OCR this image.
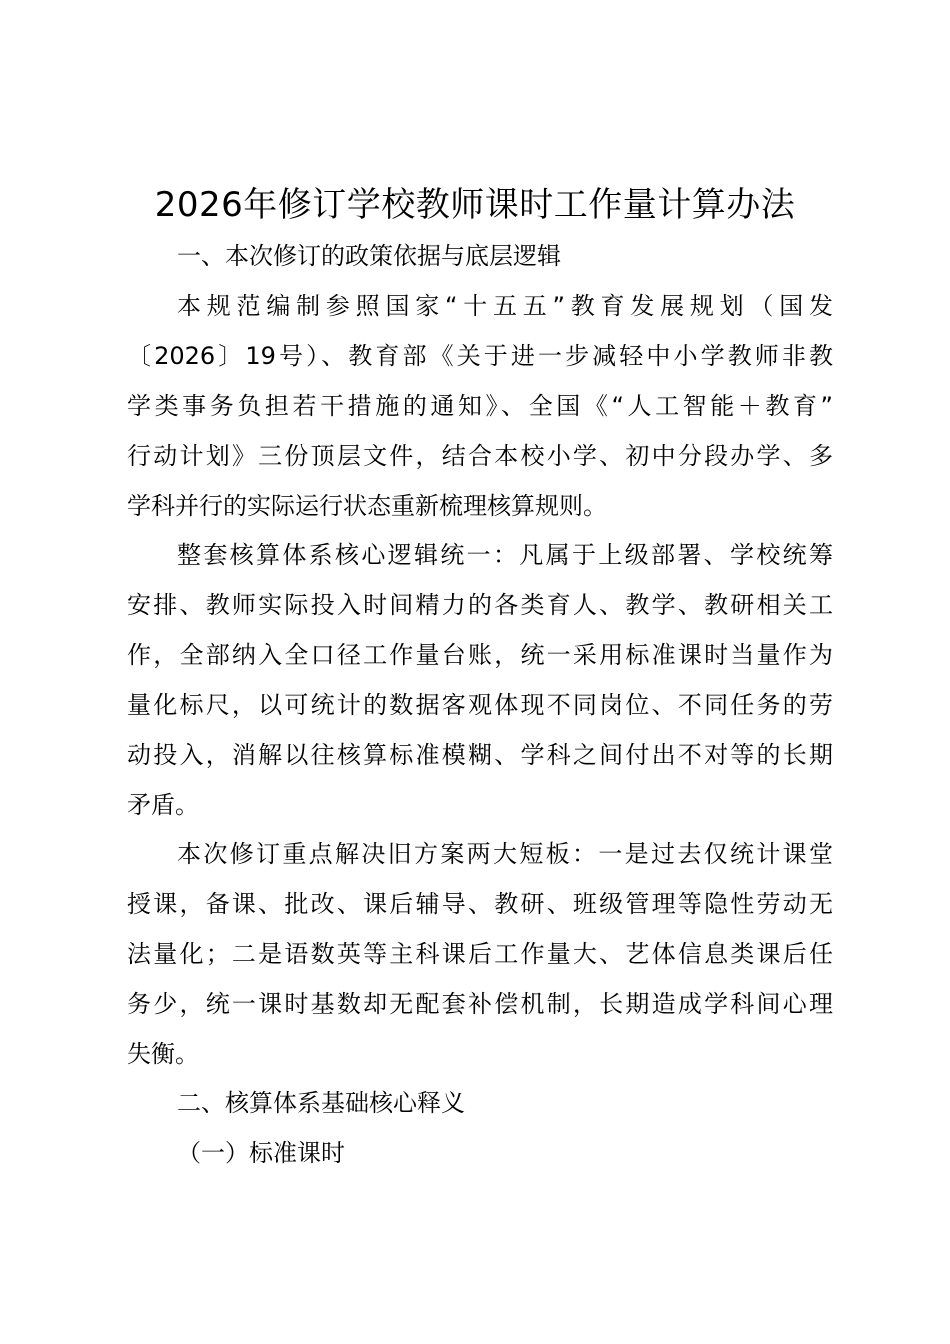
2026年修订学校教师课时工作量计算办法
一、本次修订的政策依据与底层逻辑
本规范编制参照国家“十五五”教育发展规划（国发
〔2026〕19号）、教育部《关于进一步减轻中小学教师非教
学类事务负担若干措施的通知》、全国《“人工智能＋教育”
行动计划》三份顶层文件，结合本校小学、初中分段办学、多
学科并行的实际运行状态重新梳理核算规则。
整套核算体系核心逻辑统一：凡属于上级部署、学校统筹
安排、教师实际投入时间精力的各类育人、教学、教研相关工
作，全部纳入全口径工作量台账，统一采用标准课时当量作为
量化标尺，以可统计的数据客观体现不同岗位、不同任务的劳
动投入，消解以往核算标准模糊、学科之间付出不对等的长期
矛盾。
本次修订重点解决旧方案两大短板：一是过去仅统计课堂
授课，备课、批改、课后辅导、教研、班级管理等隐性劳动无
法量化；二是语数英等主科课后工作量大、艺体信息类课后任
务少，统一课时基数却无配套补偿机制，长期造成学科间心理
失衡。
二、核算体系基础核心释义
（一）标准课时
